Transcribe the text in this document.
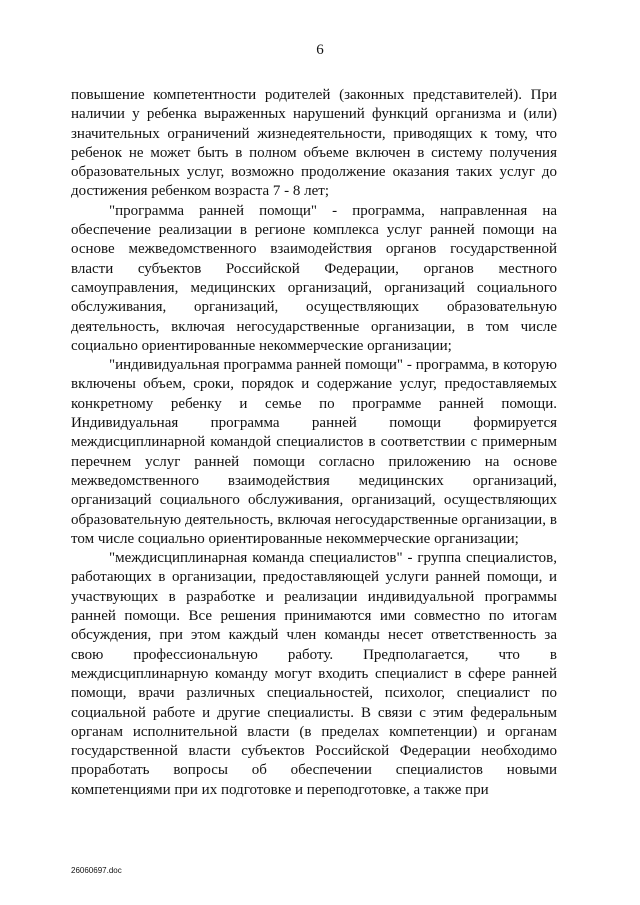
6

повышение компетентности родителей (законных представителей). При наличии у ребенка выраженных нарушений функций организма и (или) значительных ограничений жизнедеятельности, приводящих к тому, что ребенок не может быть в полном объеме включен в систему получения образовательных услуг, возможно продолжение оказания таких услуг до достижения ребенком возраста 7 - 8 лет;

"программа ранней помощи" - программа, направленная на обеспечение реализации в регионе комплекса услуг ранней помощи на основе межведомственного взаимодействия органов государственной власти субъектов Российской Федерации, органов местного самоуправления, медицинских организаций, организаций социального обслуживания, организаций, осуществляющих образовательную деятельность, включая негосударственные организации, в том числе социально ориентированные некоммерческие организации;

"индивидуальная программа ранней помощи" - программа, в которую включены объем, сроки, порядок и содержание услуг, предоставляемых конкретному ребенку и семье по программе ранней помощи. Индивидуальная программа ранней помощи формируется междисциплинарной командой специалистов в соответствии с примерным перечнем услуг ранней помощи согласно приложению на основе межведомственного взаимодействия медицинских организаций, организаций социального обслуживания, организаций, осуществляющих образовательную деятельность, включая негосударственные организации, в том числе социально ориентированные некоммерческие организации;

"междисциплинарная команда специалистов" - группа специалистов, работающих в организации, предоставляющей услуги ранней помощи, и участвующих в разработке и реализации индивидуальной программы ранней помощи. Все решения принимаются ими совместно по итогам обсуждения, при этом каждый член команды несет ответственность за свою профессиональную работу. Предполагается, что в междисциплинарную команду могут входить специалист в сфере ранней помощи, врачи различных специальностей, психолог, специалист по социальной работе и другие специалисты. В связи с этим федеральным органам исполнительной власти (в пределах компетенции) и органам государственной власти субъектов Российской Федерации необходимо проработать вопросы об обеспечении специалистов новыми компетенциями при их подготовке и переподготовке, а также при

26060697.doc
